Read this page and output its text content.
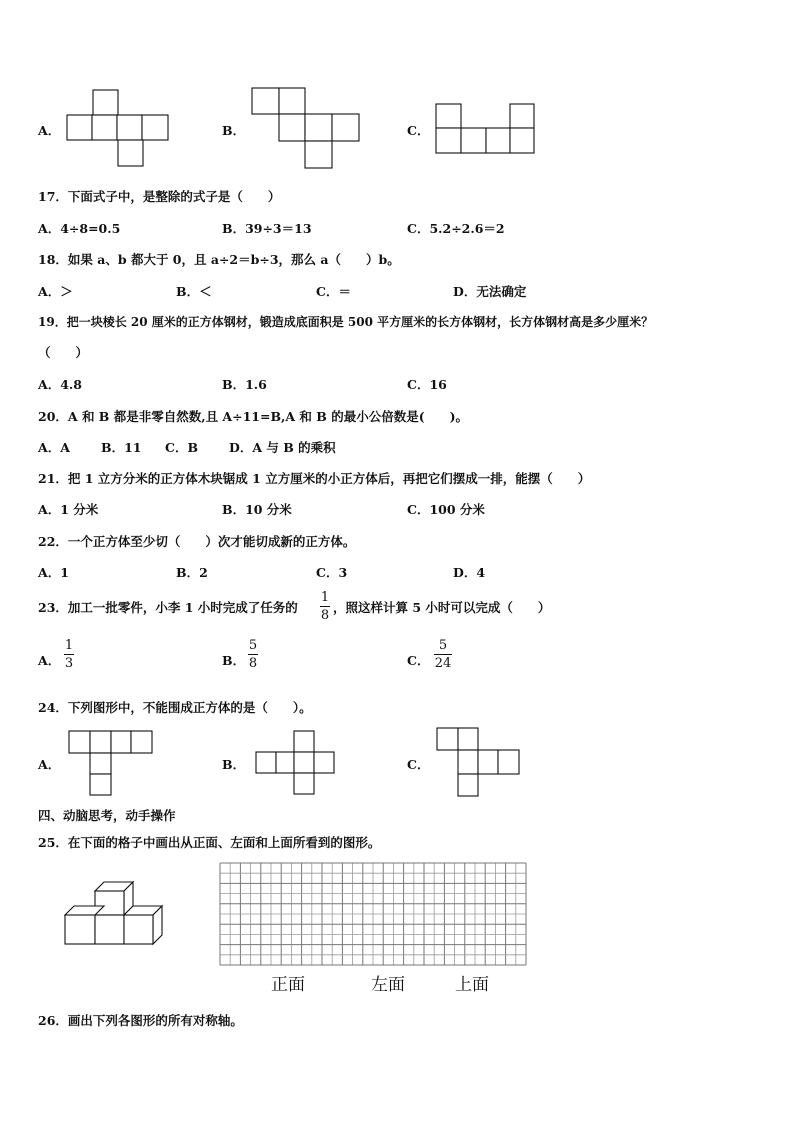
A．	B．	C．
17．下面式子中，是整除的式子是（　　）
A．4÷8=0.5	B．39÷3＝13	C．5.2÷2.6＝2
18．如果 a、b 都大于 0，且 a÷2＝b÷3，那么 a（　　）b。
A．＞	B．＜	C．＝	D．无法确定
19．把一块棱长 20 厘米的正方体钢材，锻造成底面积是 500 平方厘米的长方体钢材，长方体钢材高是多少厘米？
（　　）
A．4.8	B．1.6	C．16
20．A 和 B 都是非零自然数,且 A÷11=B,A 和 B 的最小公倍数是(　　)。
A．A B．11 C．B D．A 与 B 的乘积
21．把 1 立方分米的正方体木块锯成 1 立方厘米的小正方体后，再把它们摆成一排，能摆（　　）
A．1 分米	B．10 分米	C．100 分米
22．一个正方体至少切（　　）次才能切成新的正方体。
A．1	B．2	C．3	D．4
23．加工一批零件，小李 1 小时完成了任务的
1
8
，照这样计算 5 小时可以完成（　　）
A．
1
3	B．
5
8	C．
5
24
24．下列图形中，不能围成正方体的是（　　）。
A．	B．	C．
四、动脑思考，动手操作
25．在下面的格子中画出从正面、左面和上面所看到的图形。
正面	左面	上面
26．画出下列各图形的所有对称轴。
